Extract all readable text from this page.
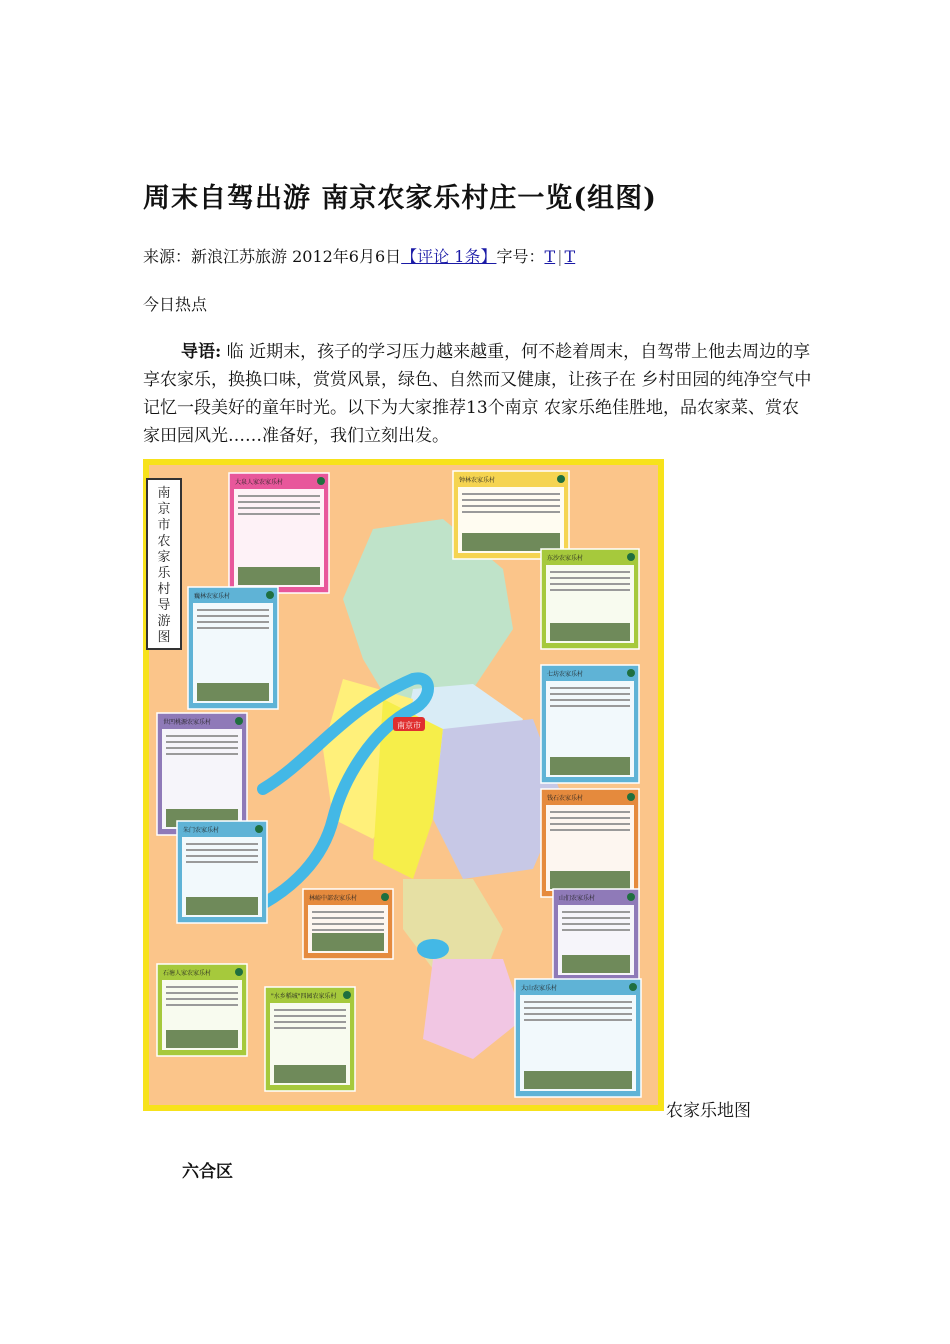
周末自驾出游 南京农家乐村庄一览(组图)
来源：新浪江苏旅游 2012年6月6日【评论 1条】字号：T | T
今日热点
导语: 临 近期末，孩子的学习压力越来越重，何不趁着周末，自驾带上他去周边的享享农家乐，换换口味，赏赏风景，绿色、自然而又健康，让孩子在 乡村田园的纯净空气中记忆一段美好的童年时光。以下为大家推荐13个南京 农家乐绝佳胜地，品农家菜、赏农家田园风光……准备好，我们立刻出发。
南
京
市
农
家
乐
村
导
游
图
南京市
大泉人家农家乐村	钟林农家乐村
东沙农家乐村
巍林农家乐村
七坊农家乐村
世凹桃源农家乐村
钱石农家乐村
朱门农家乐村
林峪中部农家乐村	山们农家乐村
石塘人家农家乐村
"水乡稻城"四园农家乐村
大山农家乐村
农家乐地图
六合区
